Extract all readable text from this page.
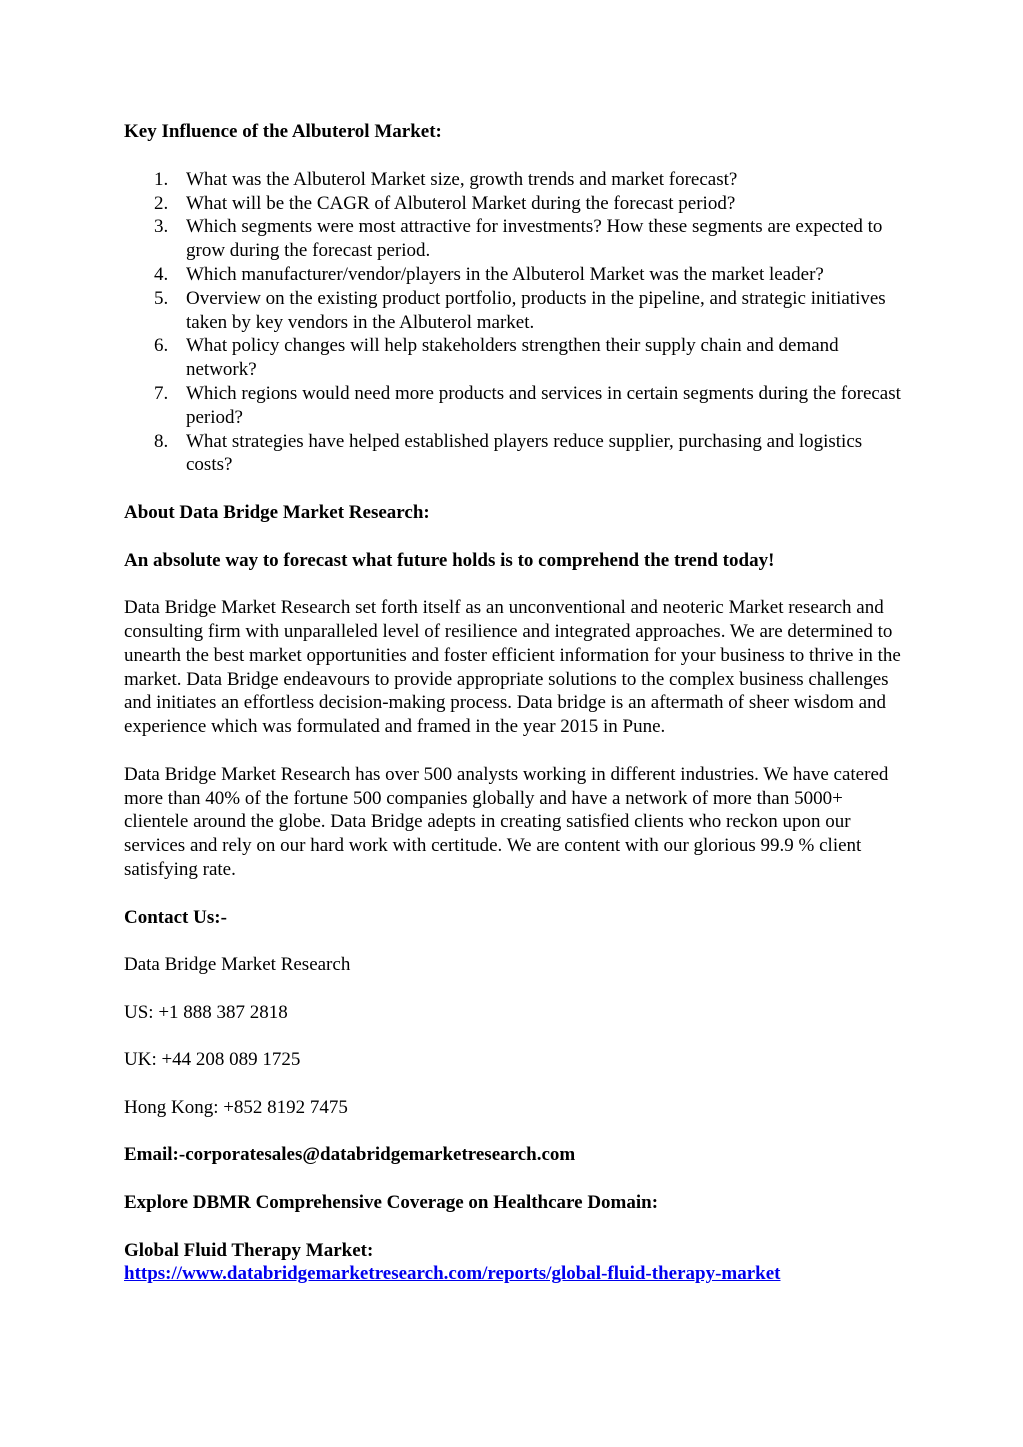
Key Influence of the Albuterol Market:

1. What was the Albuterol Market size, growth trends and market forecast?
2. What will be the CAGR of Albuterol Market during the forecast period?
3. Which segments were most attractive for investments? How these segments are expected to grow during the forecast period.
4. Which manufacturer/vendor/players in the Albuterol Market was the market leader?
5. Overview on the existing product portfolio, products in the pipeline, and strategic initiatives taken by key vendors in the Albuterol market.
6. What policy changes will help stakeholders strengthen their supply chain and demand network?
7. Which regions would need more products and services in certain segments during the forecast period?
8. What strategies have helped established players reduce supplier, purchasing and logistics costs?

About Data Bridge Market Research:

An absolute way to forecast what future holds is to comprehend the trend today!

Data Bridge Market Research set forth itself as an unconventional and neoteric Market research and consulting firm with unparalleled level of resilience and integrated approaches. We are determined to unearth the best market opportunities and foster efficient information for your business to thrive in the market. Data Bridge endeavours to provide appropriate solutions to the complex business challenges and initiates an effortless decision-making process. Data bridge is an aftermath of sheer wisdom and experience which was formulated and framed in the year 2015 in Pune.

Data Bridge Market Research has over 500 analysts working in different industries. We have catered more than 40% of the fortune 500 companies globally and have a network of more than 5000+ clientele around the globe. Data Bridge adepts in creating satisfied clients who reckon upon our services and rely on our hard work with certitude. We are content with our glorious 99.9 % client satisfying rate.

Contact Us:-

Data Bridge Market Research

US: +1 888 387 2818

UK: +44 208 089 1725

Hong Kong: +852 8192 7475

Email:-corporatesales@databridgemarketresearch.com

Explore DBMR Comprehensive Coverage on Healthcare Domain:

Global Fluid Therapy Market:

https://www.databridgemarketresearch.com/reports/global-fluid-therapy-market
